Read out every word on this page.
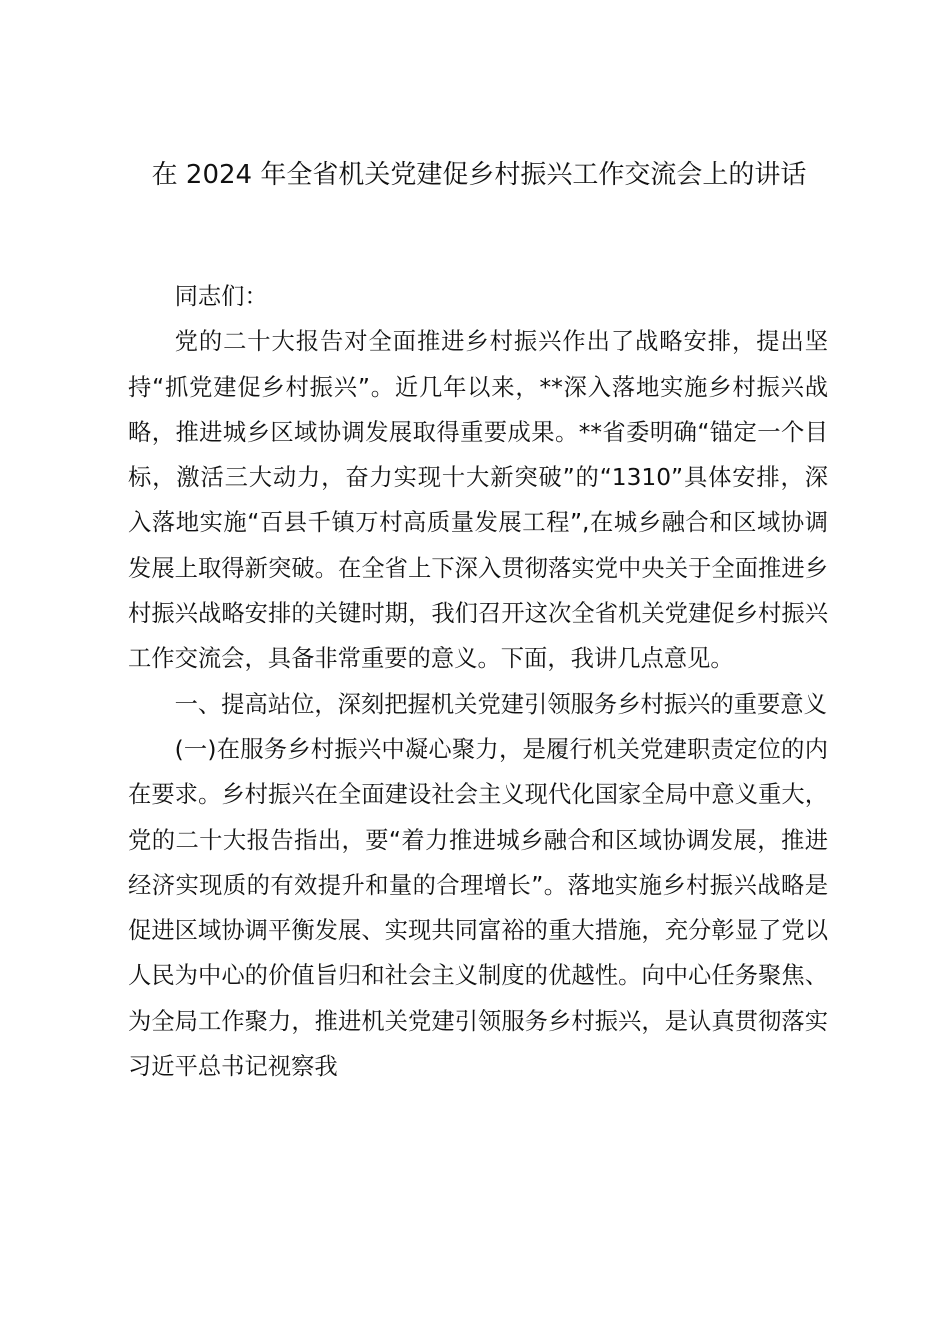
在 2024 年全省机关党建促乡村振兴工作交流会上的讲话

同志们：

党的二十大报告对全面推进乡村振兴作出了战略安排，提出坚持“抓党建促乡村振兴”。近几年以来，**深入落地实施乡村振兴战略，推进城乡区域协调发展取得重要成果。**省委明确“锚定一个目标，激活三大动力，奋力实现十大新突破”的“1310”具体安排，深入落地实施“百县千镇万村高质量发展工程”,在城乡融合和区域协调发展上取得新突破。在全省上下深入贯彻落实党中央关于全面推进乡村振兴战略安排的关键时期，我们召开这次全省机关党建促乡村振兴工作交流会，具备非常重要的意义。下面，我讲几点意见。

一、提高站位，深刻把握机关党建引领服务乡村振兴的重要意义

(一)在服务乡村振兴中凝心聚力，是履行机关党建职责定位的内在要求。乡村振兴在全面建设社会主义现代化国家全局中意义重大，党的二十大报告指出，要“着力推进城乡融合和区域协调发展，推进经济实现质的有效提升和量的合理增长”。落地实施乡村振兴战略是促进区域协调平衡发展、实现共同富裕的重大措施，充分彰显了党以人民为中心的价值旨归和社会主义制度的优越性。向中心任务聚焦、为全局工作聚力，推进机关党建引领服务乡村振兴，是认真贯彻落实习近平总书记视察我
